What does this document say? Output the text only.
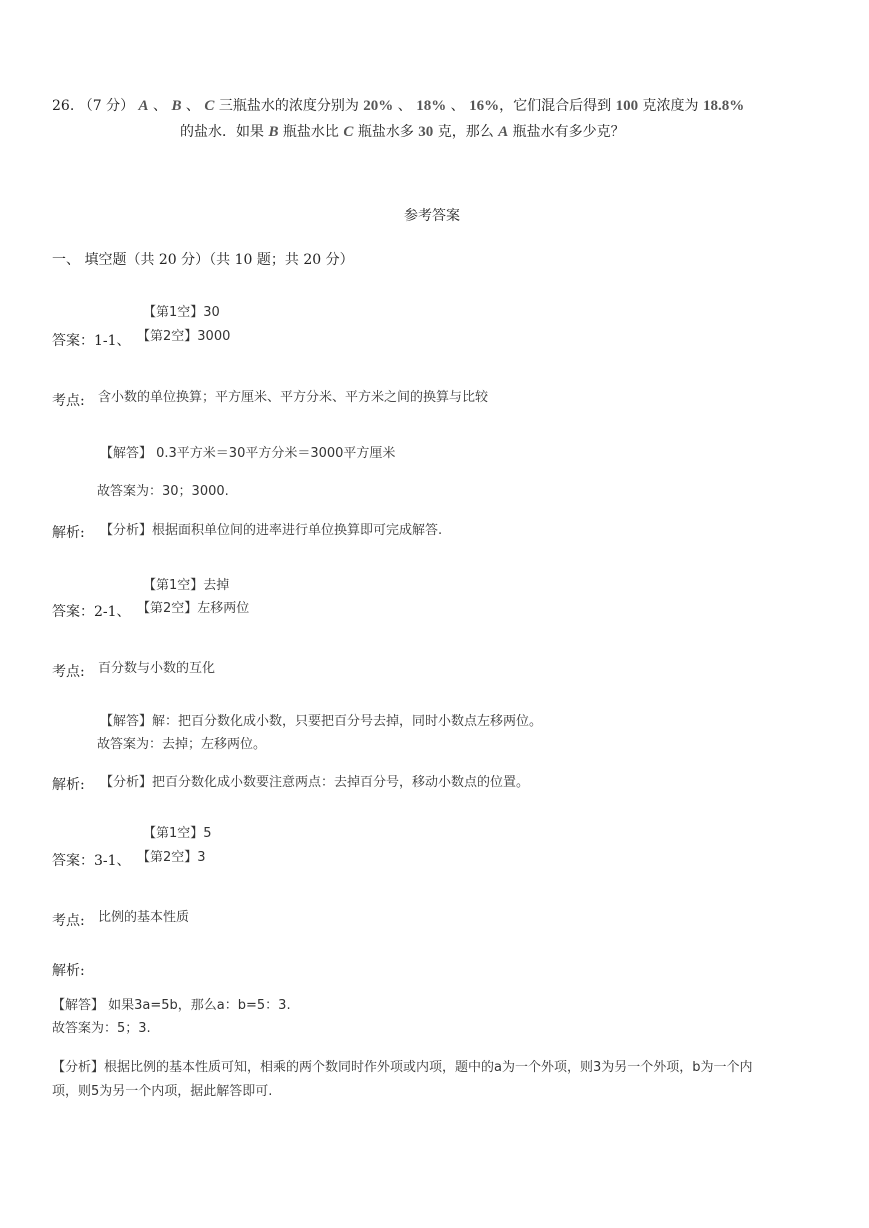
26. （7 分） A 、 B 、 C 三瓶盐水的浓度分别为 20% 、 18% 、 16%，它们混合后得到 100 克浓度为 18.8%
的盐水．如果 B 瓶盐水比 C 瓶盐水多 30 克，那么 A 瓶盐水有多少克？
参考答案
一、 填空题（共 20 分）（共 10 题；共 20 分）
【第1空】30
【第2空】3000
答案：1-1、
考点: 含小数的单位换算；平方厘米、平方分米、平方米之间的换算与比较
【解答】 0.3平方米＝30平方分米＝3000平方厘米
故答案为：30；3000.
解析: 【分析】根据面积单位间的进率进行单位换算即可完成解答.
【第1空】去掉
【第2空】左移两位
答案：2-1、
考点: 百分数与小数的互化
【解答】解：把百分数化成小数，只要把百分号去掉，同时小数点左移两位。
故答案为：去掉；左移两位。
解析: 【分析】把百分数化成小数要注意两点：去掉百分号，移动小数点的位置。
【第1空】5
【第2空】3
答案：3-1、
考点: 比例的基本性质
解析:
【解答】 如果3a=5b，那么a：b=5：3.
故答案为：5；3.
【分析】根据比例的基本性质可知，相乘的两个数同时作外项或内项，题中的a为一个外项，则3为另一个外项，b为一个内
项，则5为另一个内项，据此解答即可.
